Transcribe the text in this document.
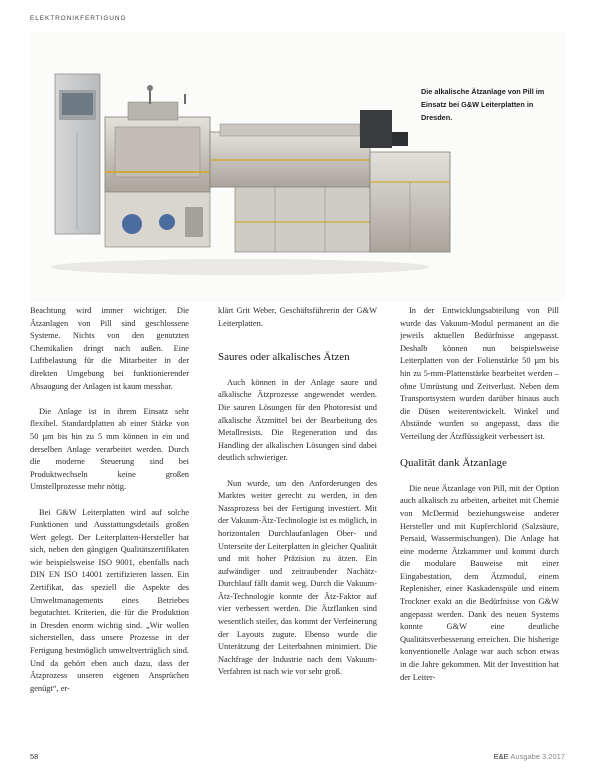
ELEKTRONIKFERTIGUNG
Die alkalische Ätzanlage von Pill im Einsatz bei G&W Leiterplatten in Dresden.

Beachtung wird immer wichtiger. Die Ätzanlagen von Pill sind geschlossene Systeme. Nichts von den genutzten Chemikalien dringt nach außen. Eine Luftbelastung für die Mitarbeiter in der direkten Umgebung bei funktionierender Absaugung der Anlagen ist kaum messbar.

Die Anlage ist in ihrem Einsatz sehr flexibel. Standardplatten ab einer Stärke von 50 µm bis hin zu 5 mm können in ein und derselben Anlage verarbeitet werden. Durch die moderne Steuerung sind bei Produktwechseln keine großen Umstellprozesse mehr nötig.

Bei G&W Leiterplatten wird auf solche Funktionen und Ausstattungsdetails großen Wert gelegt. Der Leiterplatten-Hersteller hat sich, neben den gängigen Qualitätszertifikaten wie beispielsweise ISO 9001, ebenfalls nach DIN EN ISO 14001 zertifizieren lassen. Ein Zertifikat, das speziell die Aspekte des Umweltmanagements eines Betriebes begutachtet. Kriterien, die für die Produktion in Dresden enorm wichtig sind. „Wir wollen sicherstellen, dass unsere Prozesse in der Fertigung bestmöglich umweltverträglich sind. Und da gehört eben auch dazu, dass der Ätzprozess unseren eigenen Ansprüchen genügt“, er-

klärt Grit Weber, Geschäftsführerin der G&W Leiterplatten.

Saures oder alkalisches Ätzen

Auch können in der Anlage saure und alkalische Ätzprozesse angewendet werden. Die sauren Lösungen für den Photoresist und alkalische Ätzmittel bei der Bearbeitung des Metallresists. Die Regeneration und das Handling der alkalischen Lösungen sind dabei deutlich schwieriger.

Nun wurde, um den Anforderungen des Marktes weiter gerecht zu werden, in den Nassprozess bei der Fertigung investiert. Mit der Vakuum-Ätz-Technologie ist es möglich, in horizontalen Durchlaufanlagen Ober- und Unterseite der Leiterplatten in gleicher Qualität und mit hoher Präzision zu ätzen. Ein aufwändiger und zeitraubender Nachätz-Durchlauf fällt damit weg. Durch die Vakuum-Ätz-Technologie konnte der Ätz-Faktor auf vier verbessert werden. Die Ätzflanken sind wesentlich steiler, das kommt der Verfeinerung der Layouts zugute. Ebenso wurde die Unterätzung der Leiterbahnen minimiert. Die Nachfrage der Industrie nach dem Vakuum-Verfahren ist nach wie vor sehr groß.

In der Entwicklungsabteilung von Pill wurde das Vakuum-Modul permanent an die jeweils aktuellen Bedürfnisse angepasst. Deshalb können nun beispielsweise Leiterplatten von der Folienstärke 50 µm bis hin zu 5-mm-Plattenstärke bearbeitet werden – ohne Umrüstung und Zeitverlust. Neben dem Transportsystem wurden darüber hinaus auch die Düsen weiterentwickelt. Winkel und Abstände wurden so angepasst, dass die Verteilung der Ätzflüssigkeit verbessert ist.

Qualität dank Ätzanlage

Die neue Ätzanlage von Pill, mit der Option auch alkalisch zu arbeiten, arbeitet mit Chemie von McDermid beziehungsweise anderer Hersteller und mit Kupferchlorid (Salzsäure, Persaid, Wassermischungen). Die Anlage hat eine moderne Ätzkammer und kommt durch die modulare Bauweise mit einer Eingabestation, dem Ätzmodul, einem Replenisher, einer Kaskadenspüle und einem Trockner exakt an die Bedürfnisse von G&W angepasst werden. Dank des neuen Systems konnte G&W eine deutliche Qualitätsverbesserung erreichen. Die bisherige konventionelle Anlage war auch schon etwas in die Jahre gekommen. Mit der Investition hat der Leiter-

58	E&E Ausgabe 3.2017
